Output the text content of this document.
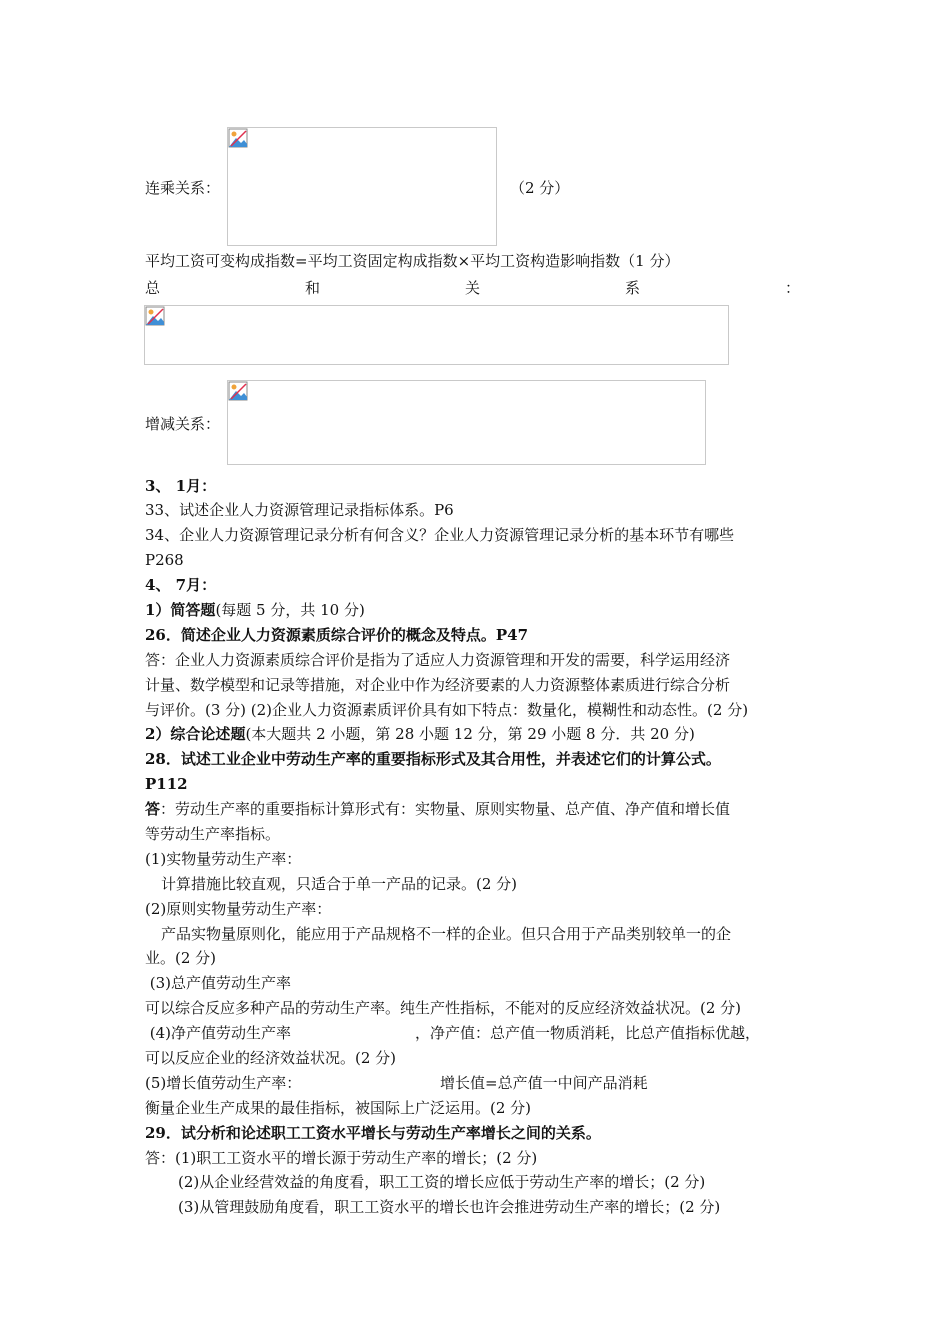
连乘关系：	（2 分）
平均工资可变构成指数=平均工资固定构成指数×平均工资构造影响指数（1 分）
总	和	关	系	：
增减关系：
3、 1月：
33、试述企业人力资源管理记录指标体系。P6
34、企业人力资源管理记录分析有何含义？企业人力资源管理记录分析的基本环节有哪些
P268
4、 7月：
1）简答题(每题 5 分，共 10 分)
26．简述企业人力资源素质综合评价的概念及特点。P47
答：企业人力资源素质综合评价是指为了适应人力资源管理和开发的需要，科学运用经济
计量、数学模型和记录等措施，对企业中作为经济要素的人力资源整体素质进行综合分析
与评价。(3 分) (2)企业人力资源素质评价具有如下特点：数量化，模糊性和动态性。(2 分)
2）综合论述题(本大题共 2 小题，第 28 小题 12 分，第 29 小题 8 分．共 20 分)
28．试述工业企业中劳动生产率的重要指标形式及其合用性，并表述它们的计算公式。
P112
答：劳动生产率的重要指标计算形式有：实物量、原则实物量、总产值、净产值和增长值
等劳动生产率指标。
(1)实物量劳动生产率：
计算措施比较直观，只适合于单一产品的记录。(2 分)
(2)原则实物量劳动生产率：
产品实物量原则化，能应用于产品规格不一样的企业。但只合用于产品类别较单一的企
业。(2 分)
(3)总产值劳动生产率
可以综合反应多种产品的劳动生产率。纯生产性指标，不能对的反应经济效益状况。(2 分)
(4)净产值劳动生产率	，净产值：总产值一物质消耗，比总产值指标优越，
可以反应企业的经济效益状况。(2 分)
(5)增长值劳动生产率：	增长值=总产值一中间产品消耗
衡量企业生产成果的最佳指标，被国际上广泛运用。(2 分)
29．试分析和论述职工工资水平增长与劳动生产率增长之间的关系。
答：(1)职工工资水平的增长源于劳动生产率的增长；(2 分)
(2)从企业经营效益的角度看，职工工资的增长应低于劳动生产率的增长；(2 分)
(3)从管理鼓励角度看，职工工资水平的增长也许会推进劳动生产率的增长；(2 分)
